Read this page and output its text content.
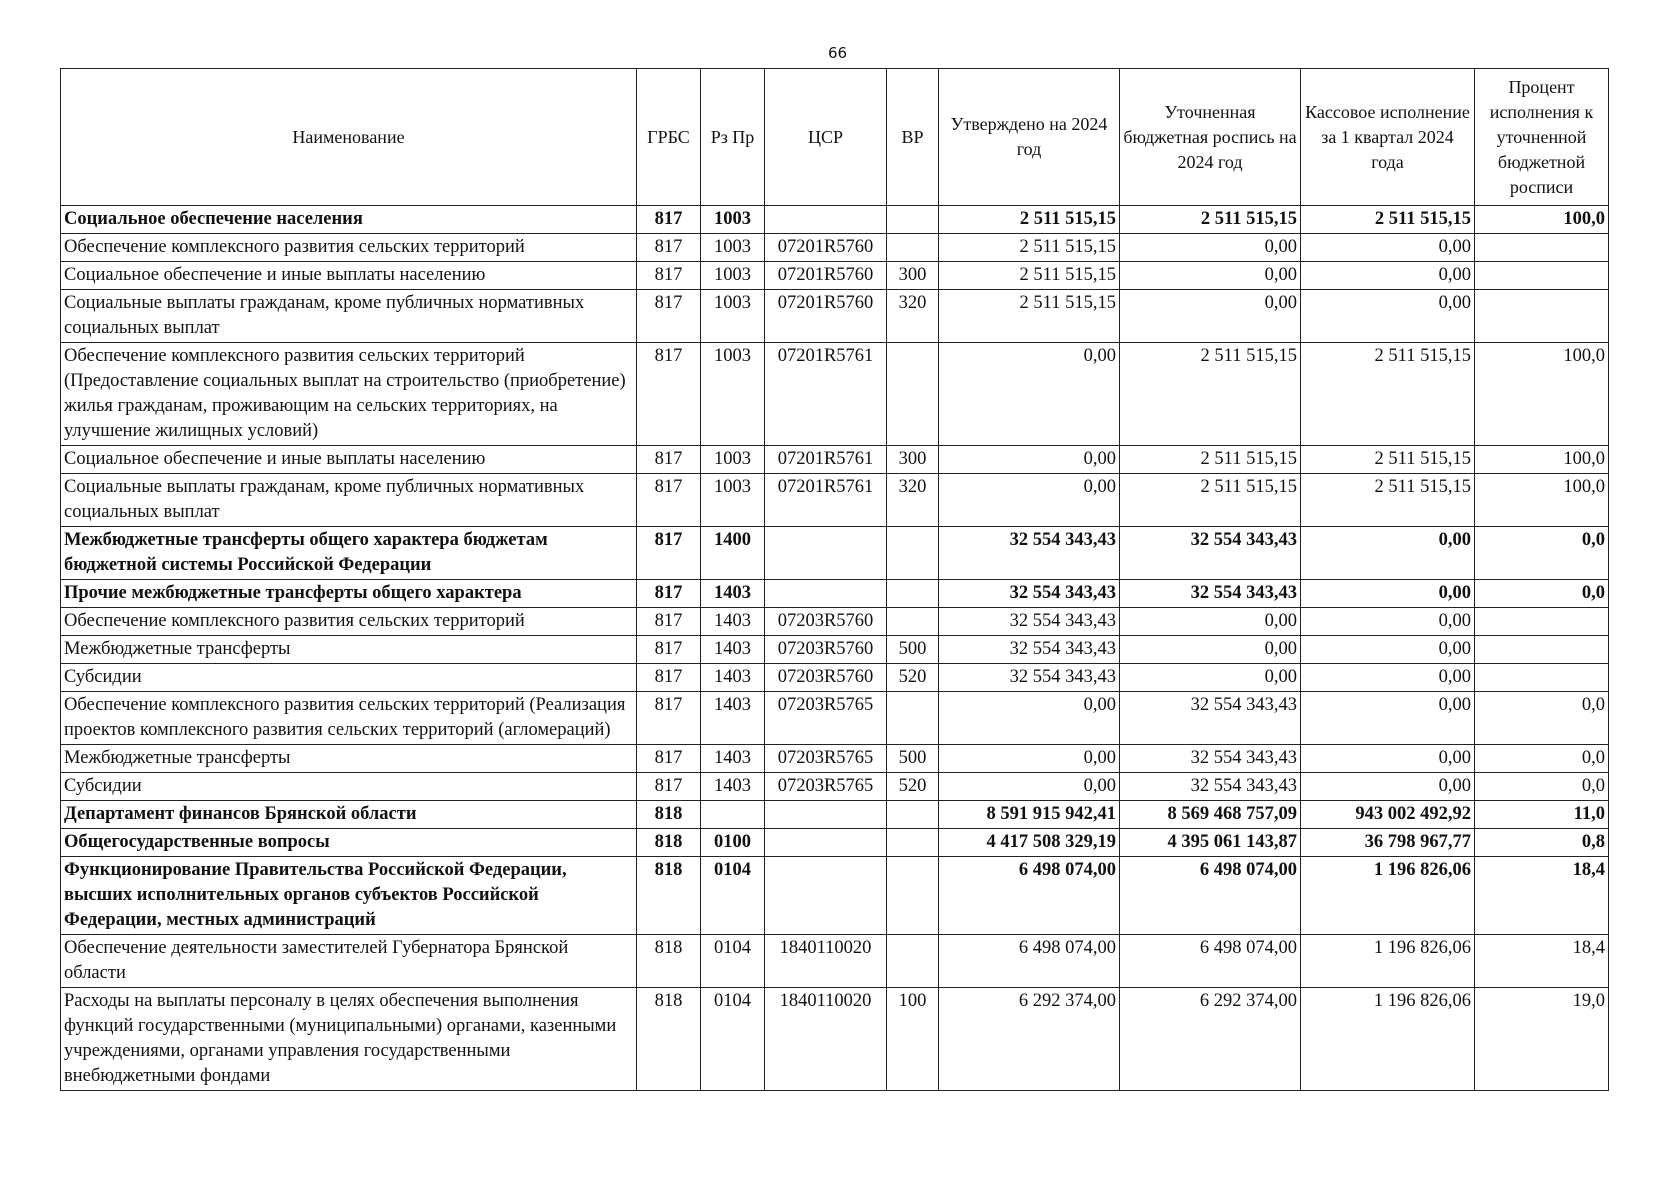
66
Наименование	ГРБС	Рз Пр	ЦСР	ВР	Утверждено на 2024 год	Уточненная бюджетная роспись на 2024 год	Кассовое исполнение за 1 квартал 2024 года	Процент исполнения к уточненной бюджетной росписи
Социальное обеспечение населения	817	1003			2 511 515,15	2 511 515,15	2 511 515,15	100,0
Обеспечение комплексного развития сельских территорий	817	1003	07201R5760		2 511 515,15	0,00	0,00	
Социальное обеспечение и иные выплаты населению	817	1003	07201R5760	300	2 511 515,15	0,00	0,00	
Социальные выплаты гражданам, кроме публичных нормативных социальных выплат	817	1003	07201R5760	320	2 511 515,15	0,00	0,00	
Обеспечение комплексного развития сельских территорий (Предоставление социальных выплат на строительство (приобретение) жилья гражданам, проживающим на сельских территориях, на улучшение жилищных условий)	817	1003	07201R5761		0,00	2 511 515,15	2 511 515,15	100,0
Социальное обеспечение и иные выплаты населению	817	1003	07201R5761	300	0,00	2 511 515,15	2 511 515,15	100,0
Социальные выплаты гражданам, кроме публичных нормативных социальных выплат	817	1003	07201R5761	320	0,00	2 511 515,15	2 511 515,15	100,0
Межбюджетные трансферты общего характера бюджетам бюджетной системы Российской Федерации	817	1400			32 554 343,43	32 554 343,43	0,00	0,0
Прочие межбюджетные трансферты общего характера	817	1403			32 554 343,43	32 554 343,43	0,00	0,0
Обеспечение комплексного развития сельских территорий	817	1403	07203R5760		32 554 343,43	0,00	0,00	
Межбюджетные трансферты	817	1403	07203R5760	500	32 554 343,43	0,00	0,00	
Субсидии	817	1403	07203R5760	520	32 554 343,43	0,00	0,00	
Обеспечение комплексного развития сельских территорий (Реализация проектов комплексного развития сельских территорий (агломераций)	817	1403	07203R5765		0,00	32 554 343,43	0,00	0,0
Межбюджетные трансферты	817	1403	07203R5765	500	0,00	32 554 343,43	0,00	0,0
Субсидии	817	1403	07203R5765	520	0,00	32 554 343,43	0,00	0,0
Департамент финансов Брянской области	818				8 591 915 942,41	8 569 468 757,09	943 002 492,92	11,0
Общегосударственные вопросы	818	0100			4 417 508 329,19	4 395 061 143,87	36 798 967,77	0,8
Функционирование Правительства Российской Федерации, высших исполнительных органов субъектов Российской Федерации, местных администраций	818	0104			6 498 074,00	6 498 074,00	1 196 826,06	18,4
Обеспечение деятельности заместителей Губернатора Брянской области	818	0104	1840110020		6 498 074,00	6 498 074,00	1 196 826,06	18,4
Расходы на выплаты персоналу в целях обеспечения выполнения функций государственными (муниципальными) органами, казенными учреждениями, органами управления государственными внебюджетными фондами	818	0104	1840110020	100	6 292 374,00	6 292 374,00	1 196 826,06	19,0
